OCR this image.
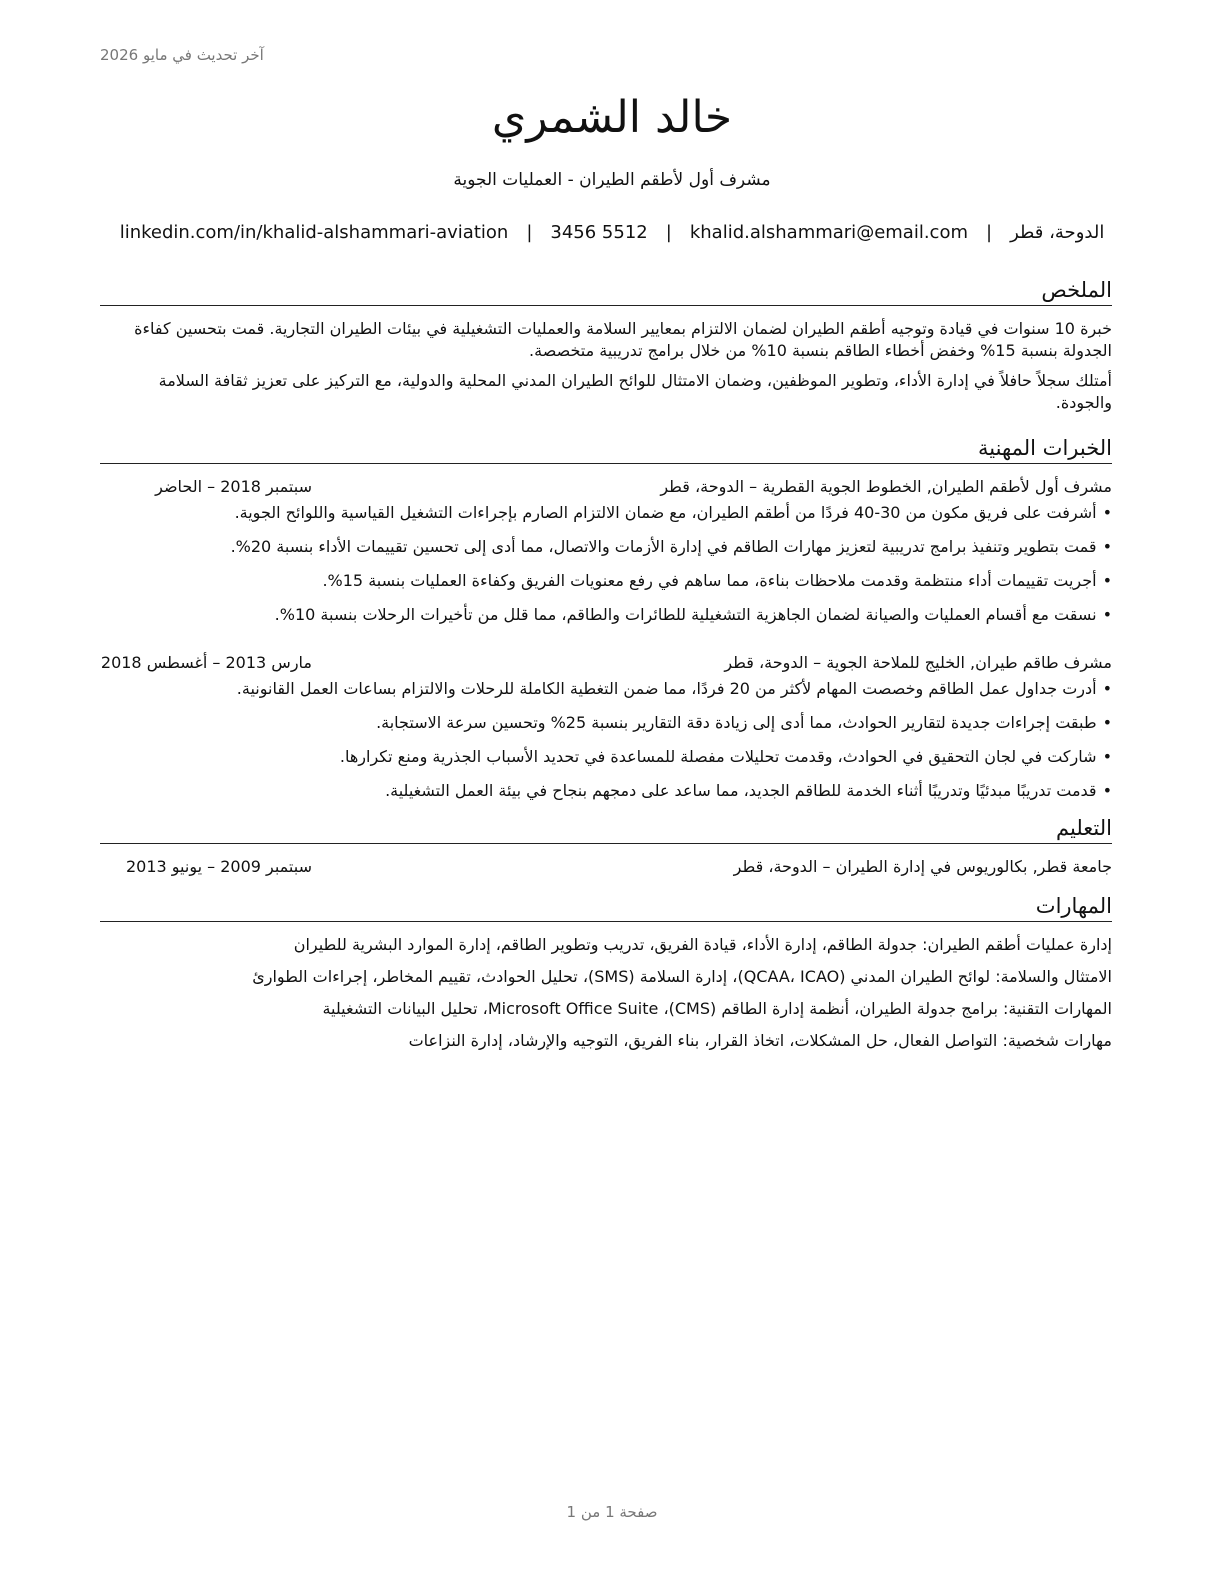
آخر تحديث في مايو 2026
خالد الشمري
مشرف أول لأطقم الطيران - العمليات الجوية
الدوحة، قطر
|
khalid.alshammari@email.com
|
3456 5512
|
linkedin.com/in/khalid-alshammari-aviation
الملخص

خبرة 10 سنوات في قيادة وتوجيه أطقم الطيران لضمان الالتزام بمعايير السلامة والعمليات التشغيلية في بيئات الطيران التجارية. قمت بتحسين كفاءة الجدولة بنسبة 15% وخفض أخطاء الطاقم بنسبة 10% من خلال برامج تدريبية متخصصة.

أمتلك سجلاً حافلاً في إدارة الأداء، وتطوير الموظفين، وضمان الامتثال للوائح الطيران المدني المحلية والدولية، مع التركيز على تعزيز ثقافة السلامة والجودة.

الخبرات المهنية
مشرف أول لأطقم الطيران, الخطوط الجوية القطرية – الدوحة، قطر
سبتمبر 2018 – الحاضر
•أشرفت على فريق مكون من 30-40 فردًا من أطقم الطيران، مع ضمان الالتزام الصارم بإجراءات التشغيل القياسية واللوائح الجوية.
•قمت بتطوير وتنفيذ برامج تدريبية لتعزيز مهارات الطاقم في إدارة الأزمات والاتصال، مما أدى إلى تحسين تقييمات الأداء بنسبة 20%.
•أجريت تقييمات أداء منتظمة وقدمت ملاحظات بناءة، مما ساهم في رفع معنويات الفريق وكفاءة العمليات بنسبة 15%.
•نسقت مع أقسام العمليات والصيانة لضمان الجاهزية التشغيلية للطائرات والطاقم، مما قلل من تأخيرات الرحلات بنسبة 10%.
مشرف طاقم طيران, الخليج للملاحة الجوية – الدوحة، قطر
مارس 2013 – أغسطس 2018
•أدرت جداول عمل الطاقم وخصصت المهام لأكثر من 20 فردًا، مما ضمن التغطية الكاملة للرحلات والالتزام بساعات العمل القانونية.
•طبقت إجراءات جديدة لتقارير الحوادث، مما أدى إلى زيادة دقة التقارير بنسبة 25% وتحسين سرعة الاستجابة.
•شاركت في لجان التحقيق في الحوادث، وقدمت تحليلات مفصلة للمساعدة في تحديد الأسباب الجذرية ومنع تكرارها.
•قدمت تدريبًا مبدئيًا وتدريبًا أثناء الخدمة للطاقم الجديد، مما ساعد على دمجهم بنجاح في بيئة العمل التشغيلية.
التعليم
جامعة قطر, بكالوريوس في إدارة الطيران – الدوحة، قطر
سبتمبر 2009 – يونيو 2013
المهارات

إدارة عمليات أطقم الطيران: جدولة الطاقم، إدارة الأداء، قيادة الفريق، تدريب وتطوير الطاقم، إدارة الموارد البشرية للطيران

الامتثال والسلامة: لوائح الطيران المدني (QCAA، ICAO)، إدارة السلامة (SMS)، تحليل الحوادث، تقييم المخاطر، إجراءات الطوارئ

المهارات التقنية: برامج جدولة الطيران، أنظمة إدارة الطاقم (CMS)، Microsoft Office Suite، تحليل البيانات التشغيلية

مهارات شخصية: التواصل الفعال، حل المشكلات، اتخاذ القرار، بناء الفريق، التوجيه والإرشاد، إدارة النزاعات

صفحة 1 من 1
